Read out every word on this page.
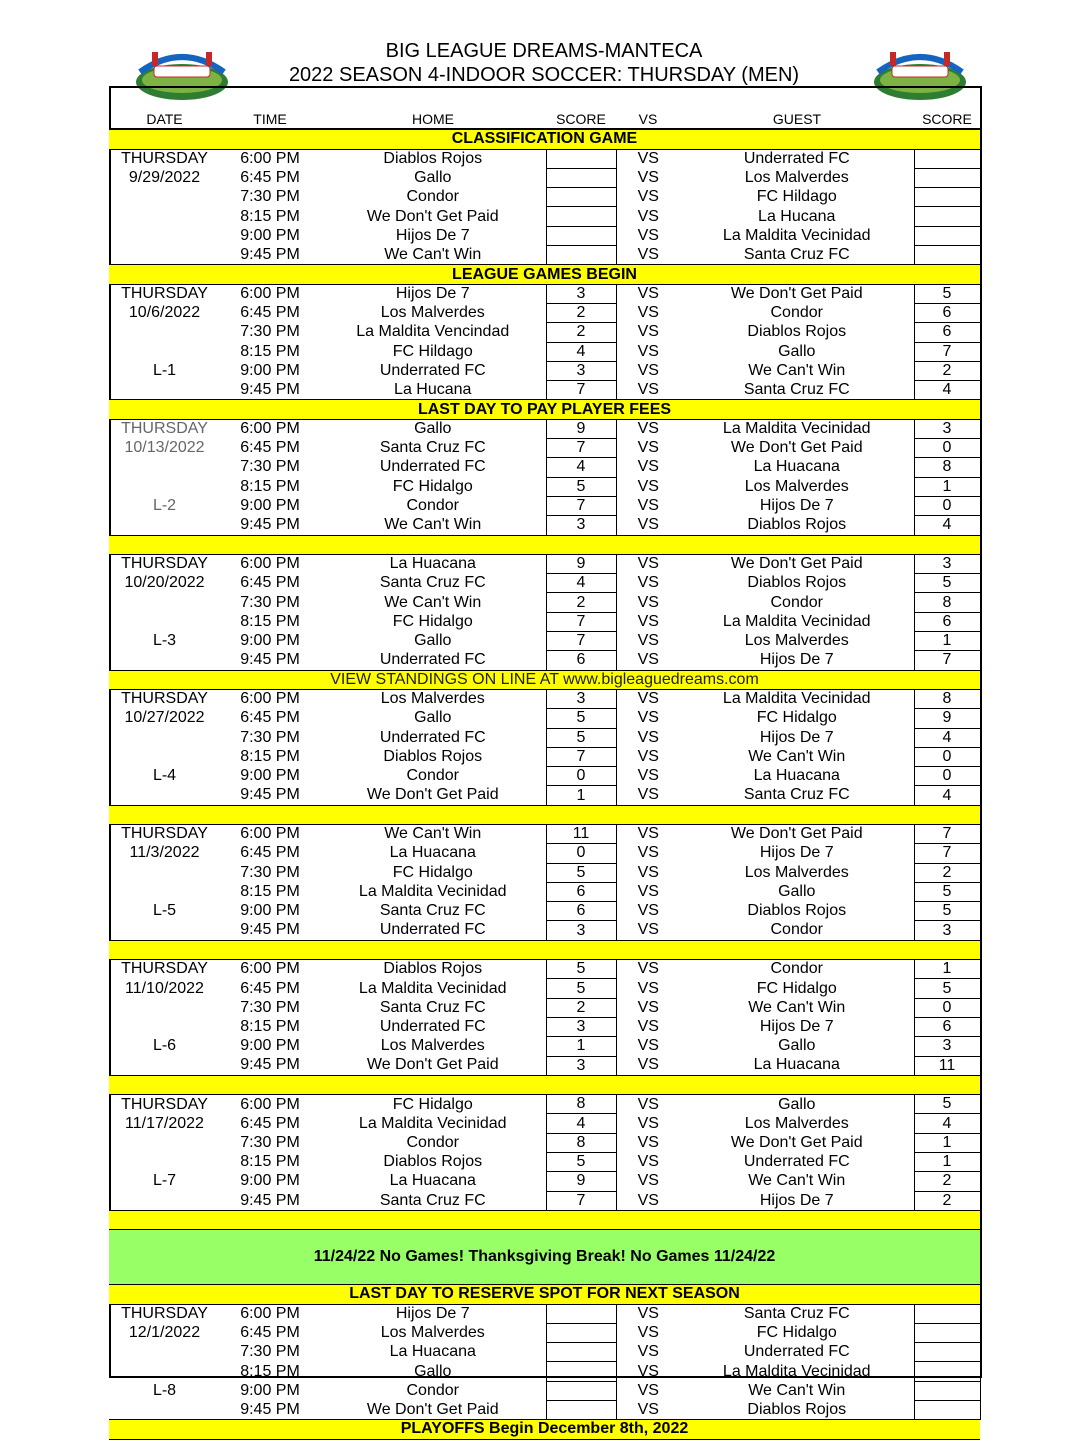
BIG LEAGUE DREAMS-MANTECA
2022 SEASON 4-INDOOR SOCCER: THURSDAY (MEN)

DATE	TIME	HOME	SCORE	VS	GUEST	SCORE
CLASSIFICATION GAME						
THURSDAY	6:00 PM	Diablos Rojos		VS	Underrated FC	
9/29/2022	6:45 PM	Gallo		VS	Los Malverdes	
	7:30 PM	Condor		VS	FC Hildago	
	8:15 PM	We Don't Get Paid		VS	La Hucana	
	9:00 PM	Hijos De 7		VS	La Maldita Vecinidad	
	9:45 PM	We Can't Win		VS	Santa Cruz FC	
LEAGUE GAMES BEGIN						
THURSDAY	6:00 PM	Hijos De 7	3	VS	We Don't Get Paid	5
10/6/2022	6:45 PM	Los Malverdes	2	VS	Condor	6
	7:30 PM	La Maldita Vencindad	2	VS	Diablos Rojos	6
	8:15 PM	FC Hildago	4	VS	Gallo	7
L-1	9:00 PM	Underrated FC	3	VS	We Can't Win	2
	9:45 PM	La Hucana	7	VS	Santa Cruz FC	4
LAST DAY TO PAY PLAYER FEES						
THURSDAY	6:00 PM	Gallo	9	VS	La Maldita Vecinidad	3
10/13/2022	6:45 PM	Santa Cruz FC	7	VS	We Don't Get Paid	0
	7:30 PM	Underrated FC	4	VS	La Huacana	8
	8:15 PM	FC Hidalgo	5	VS	Los Malverdes	1
L-2	9:00 PM	Condor	7	VS	Hijos De 7	0
	9:45 PM	We Can't Win	3	VS	Diablos Rojos	4

THURSDAY	6:00 PM	La Huacana	9	VS	We Don't Get Paid	3
10/20/2022	6:45 PM	Santa Cruz FC	4	VS	Diablos Rojos	5
	7:30 PM	We Can't Win	2	VS	Condor	8
	8:15 PM	FC Hidalgo	7	VS	La Maldita Vecinidad	6
L-3	9:00 PM	Gallo	7	VS	Los Malverdes	1
	9:45 PM	Underrated FC	6	VS	Hijos De 7	7
VIEW STANDINGS ON LINE AT www.bigleaguedreams.com						
THURSDAY	6:00 PM	Los Malverdes	3	VS	La Maldita Vecinidad	8
10/27/2022	6:45 PM	Gallo	5	VS	FC Hidalgo	9
	7:30 PM	Underrated FC	5	VS	Hijos De 7	4
	8:15 PM	Diablos Rojos	7	VS	We Can't Win	0
L-4	9:00 PM	Condor	0	VS	La Huacana	0
	9:45 PM	We Don't Get Paid	1	VS	Santa Cruz FC	4

THURSDAY	6:00 PM	We Can't Win	11	VS	We Don't Get Paid	7
11/3/2022	6:45 PM	La Huacana	0	VS	Hijos De 7	7
	7:30 PM	FC Hidalgo	5	VS	Los Malverdes	2
	8:15 PM	La Maldita Vecinidad	6	VS	Gallo	5
L-5	9:00 PM	Santa Cruz FC	6	VS	Diablos Rojos	5
	9:45 PM	Underrated FC	3	VS	Condor	3

THURSDAY	6:00 PM	Diablos Rojos	5	VS	Condor	1
11/10/2022	6:45 PM	La Maldita Vecinidad	5	VS	FC Hidalgo	5
	7:30 PM	Santa Cruz FC	2	VS	We Can't Win	0
	8:15 PM	Underrated FC	3	VS	Hijos De 7	6
L-6	9:00 PM	Los Malverdes	1	VS	Gallo	3
	9:45 PM	We Don't Get Paid	3	VS	La Huacana	11

THURSDAY	6:00 PM	FC Hidalgo	8	VS	Gallo	5
11/17/2022	6:45 PM	La Maldita Vecinidad	4	VS	Los Malverdes	4
	7:30 PM	Condor	8	VS	We Don't Get Paid	1
	8:15 PM	Diablos Rojos	5	VS	Underrated FC	1
L-7	9:00 PM	La Huacana	9	VS	We Can't Win	2
	9:45 PM	Santa Cruz FC	7	VS	Hijos De 7	2

11/24/22 No Games! Thanksgiving Break! No Games 11/24/22						
LAST DAY TO RESERVE SPOT FOR NEXT SEASON						
THURSDAY	6:00 PM	Hijos De 7		VS	Santa Cruz FC	
12/1/2022	6:45 PM	Los Malverdes		VS	FC Hidalgo	
	7:30 PM	La Huacana		VS	Underrated FC	
	8:15 PM	Gallo		VS	La Maldita Vecinidad	
L-8	9:00 PM	Condor		VS	We Can't Win	
	9:45 PM	We Don't Get Paid		VS	Diablos Rojos	
PLAYOFFS Begin December 8th, 2022						
